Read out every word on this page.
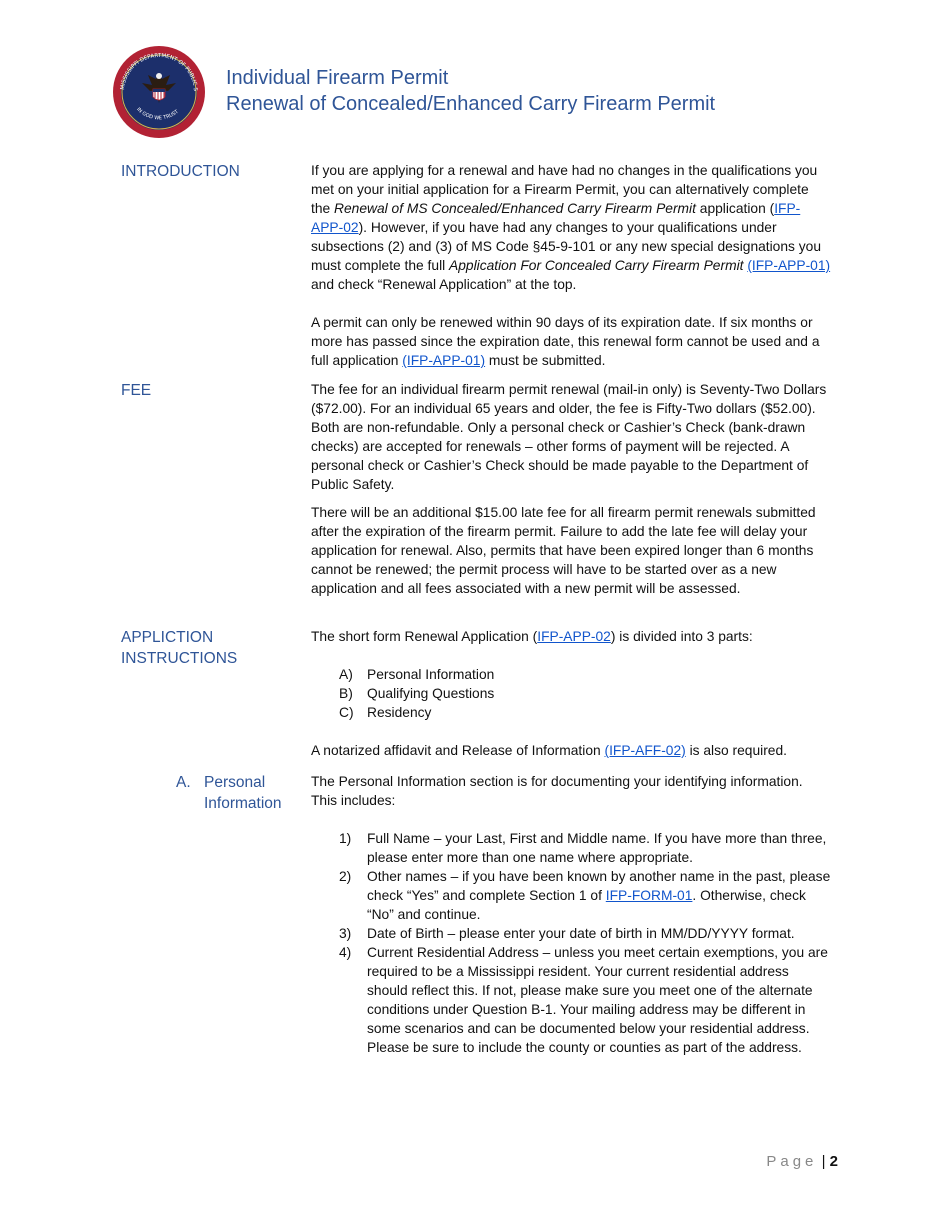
MISSISSIPPI DEPARTMENT OF PUBLIC S
IN GOD WE TRUST
Individual Firearm Permit
Renewal of Concealed/Enhanced Carry Firearm Permit
INTRODUCTION	If you are applying for a renewal and have had no changes in the qualifications you met on your initial application for a Firearm Permit, you can alternatively complete the Renewal of MS Concealed/Enhanced Carry Firearm Permit application (IFP-APP-02). However, if you have had any changes to your qualifications under subsections (2) and (3) of MS Code §45-9-101 or any new special designations you must complete the full Application For Concealed Carry Firearm Permit (IFP-APP-01) and check “Renewal Application” at the top.

A permit can only be renewed within 90 days of its expiration date. If six months or more has passed since the expiration date, this renewal form cannot be used and a full application (IFP-APP-01) must be submitted.

FEE	The fee for an individual firearm permit renewal (mail-in only) is Seventy-Two Dollars ($72.00). For an individual 65 years and older, the fee is Fifty-Two dollars ($52.00). Both are non-refundable. Only a personal check or Cashier’s Check (bank-drawn checks) are accepted for renewals – other forms of payment will be rejected. A personal check or Cashier’s Check should be made payable to the Department of Public Safety.

There will be an additional $15.00 late fee for all firearm permit renewals submitted after the expiration of the firearm permit. Failure to add the late fee will delay your application for renewal. Also, permits that have been expired longer than 6 months cannot be renewed; the permit process will have to be started over as a new application and all fees associated with a new permit will be assessed.

APPLICTION
INSTRUCTIONS

The short form Renewal Application (IFP-APP-02) is divided into 3 parts:

A)	Personal Information
B)	Qualifying Questions
C) Residency

A notarized affidavit and Release of Information (IFP-AFF-02) is also required.

A. Personal
Information
The Personal Information section is for documenting your identifying information. This includes:
1)	Full Name – your Last, First and Middle name. If you have more than three, please enter more than one name where appropriate.
2)	Other names – if you have been known by another name in the past, please check “Yes” and complete Section 1 of IFP-FORM-01. Otherwise, check “No” and continue.
3)	Date of Birth – please enter your date of birth in MM/DD/YYYY format.
4)	Current Residential Address – unless you meet certain exemptions, you are required to be a Mississippi resident. Your current residential address should reflect this. If not, please make sure you meet one of the alternate conditions under Question B-1. Your mailing address may be different in some scenarios and can be documented below your residential address. Please be sure to include the county or counties as part of the address.
Page | 2
